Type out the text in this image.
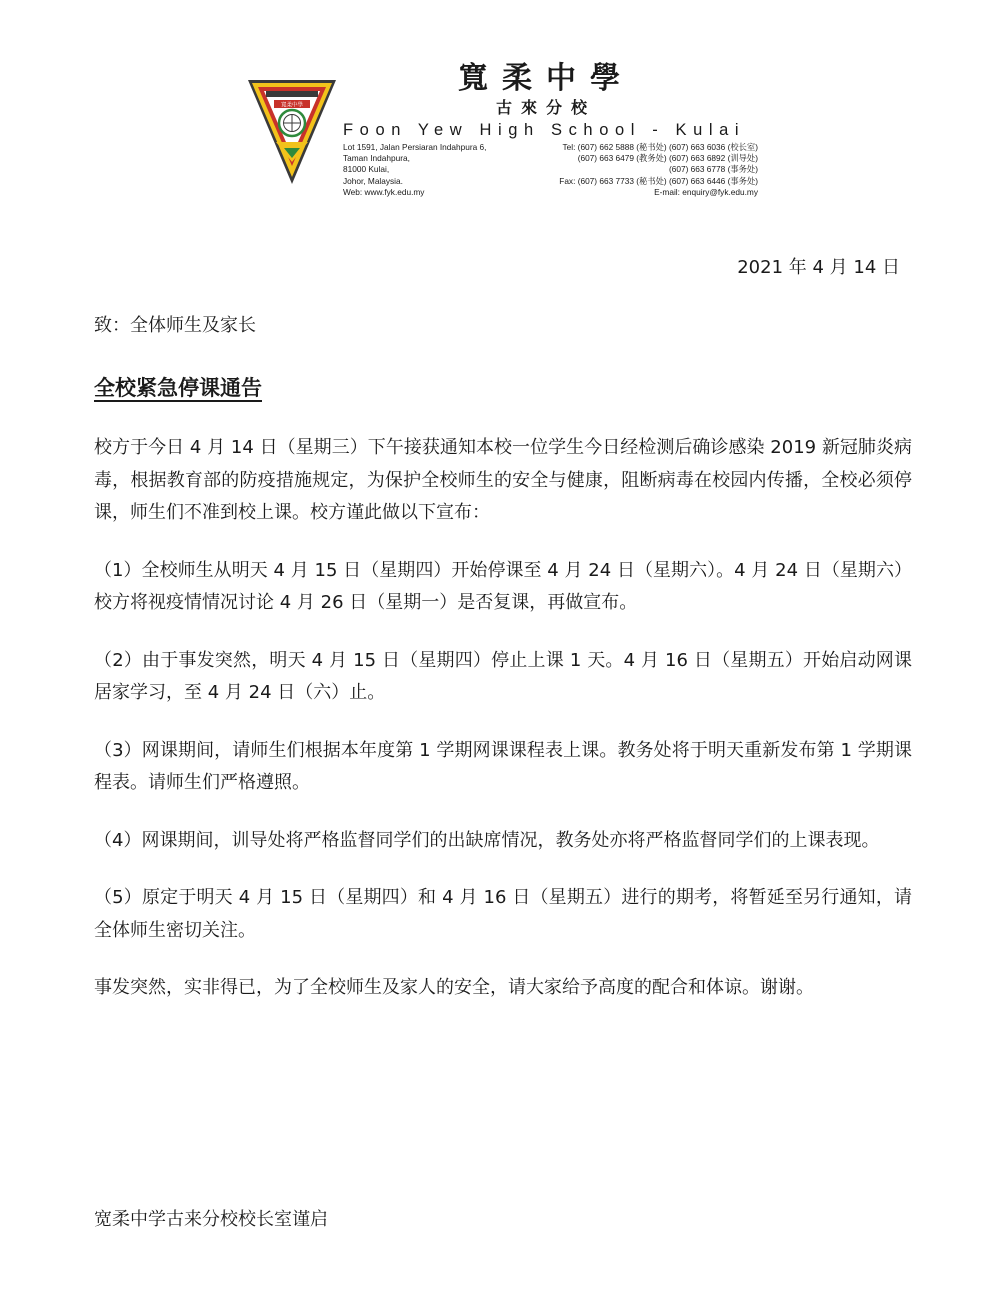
寬柔中學
寬柔中學
古來分校
Foon Yew High School - Kulai
Lot 1591, Jalan Persiaran Indahpura 6,
Taman Indahpura,
81000 Kulai,
Johor, Malaysia.
Web: www.fyk.edu.my
Tel: (607) 662 5888 (秘书处) (607) 663 6036 (校长室)
(607) 663 6479 (教务处) (607) 663 6892 (训导处)
(607) 663 6778 (事务处)
Fax: (607) 663 7733 (秘书处) (607) 663 6446 (事务处)
E-mail: enquiry@fyk.edu.my
2021 年 4 月 14 日
致：全体师生及家长
全校紧急停课通告

校方于今日 4 月 14 日（星期三）下午接获通知本校一位学生今日经检测后确诊感染 2019 新冠肺炎病毒，根据教育部的防疫措施规定，为保护全校师生的安全与健康，阻断病毒在校园内传播，全校必须停课，师生们不准到校上课。校方谨此做以下宣布：

（1）全校师生从明天 4 月 15 日（星期四）开始停课至 4 月 24 日（星期六）。4 月 24 日（星期六）校方将视疫情情况讨论 4 月 26 日（星期一）是否复课，再做宣布。

（2）由于事发突然，明天 4 月 15 日（星期四）停止上课 1 天。4 月 16 日（星期五）开始启动网课居家学习，至 4 月 24 日（六）止。

（3）网课期间，请师生们根据本年度第 1 学期网课课程表上课。教务处将于明天重新发布第 1 学期课程表。请师生们严格遵照。

（4）网课期间，训导处将严格监督同学们的出缺席情况，教务处亦将严格监督同学们的上课表现。

（5）原定于明天 4 月 15 日（星期四）和 4 月 16 日（星期五）进行的期考，将暂延至另行通知，请全体师生密切关注。

事发突然，实非得已，为了全校师生及家人的安全，请大家给予高度的配合和体谅。谢谢。

宽柔中学古来分校校长室谨启
